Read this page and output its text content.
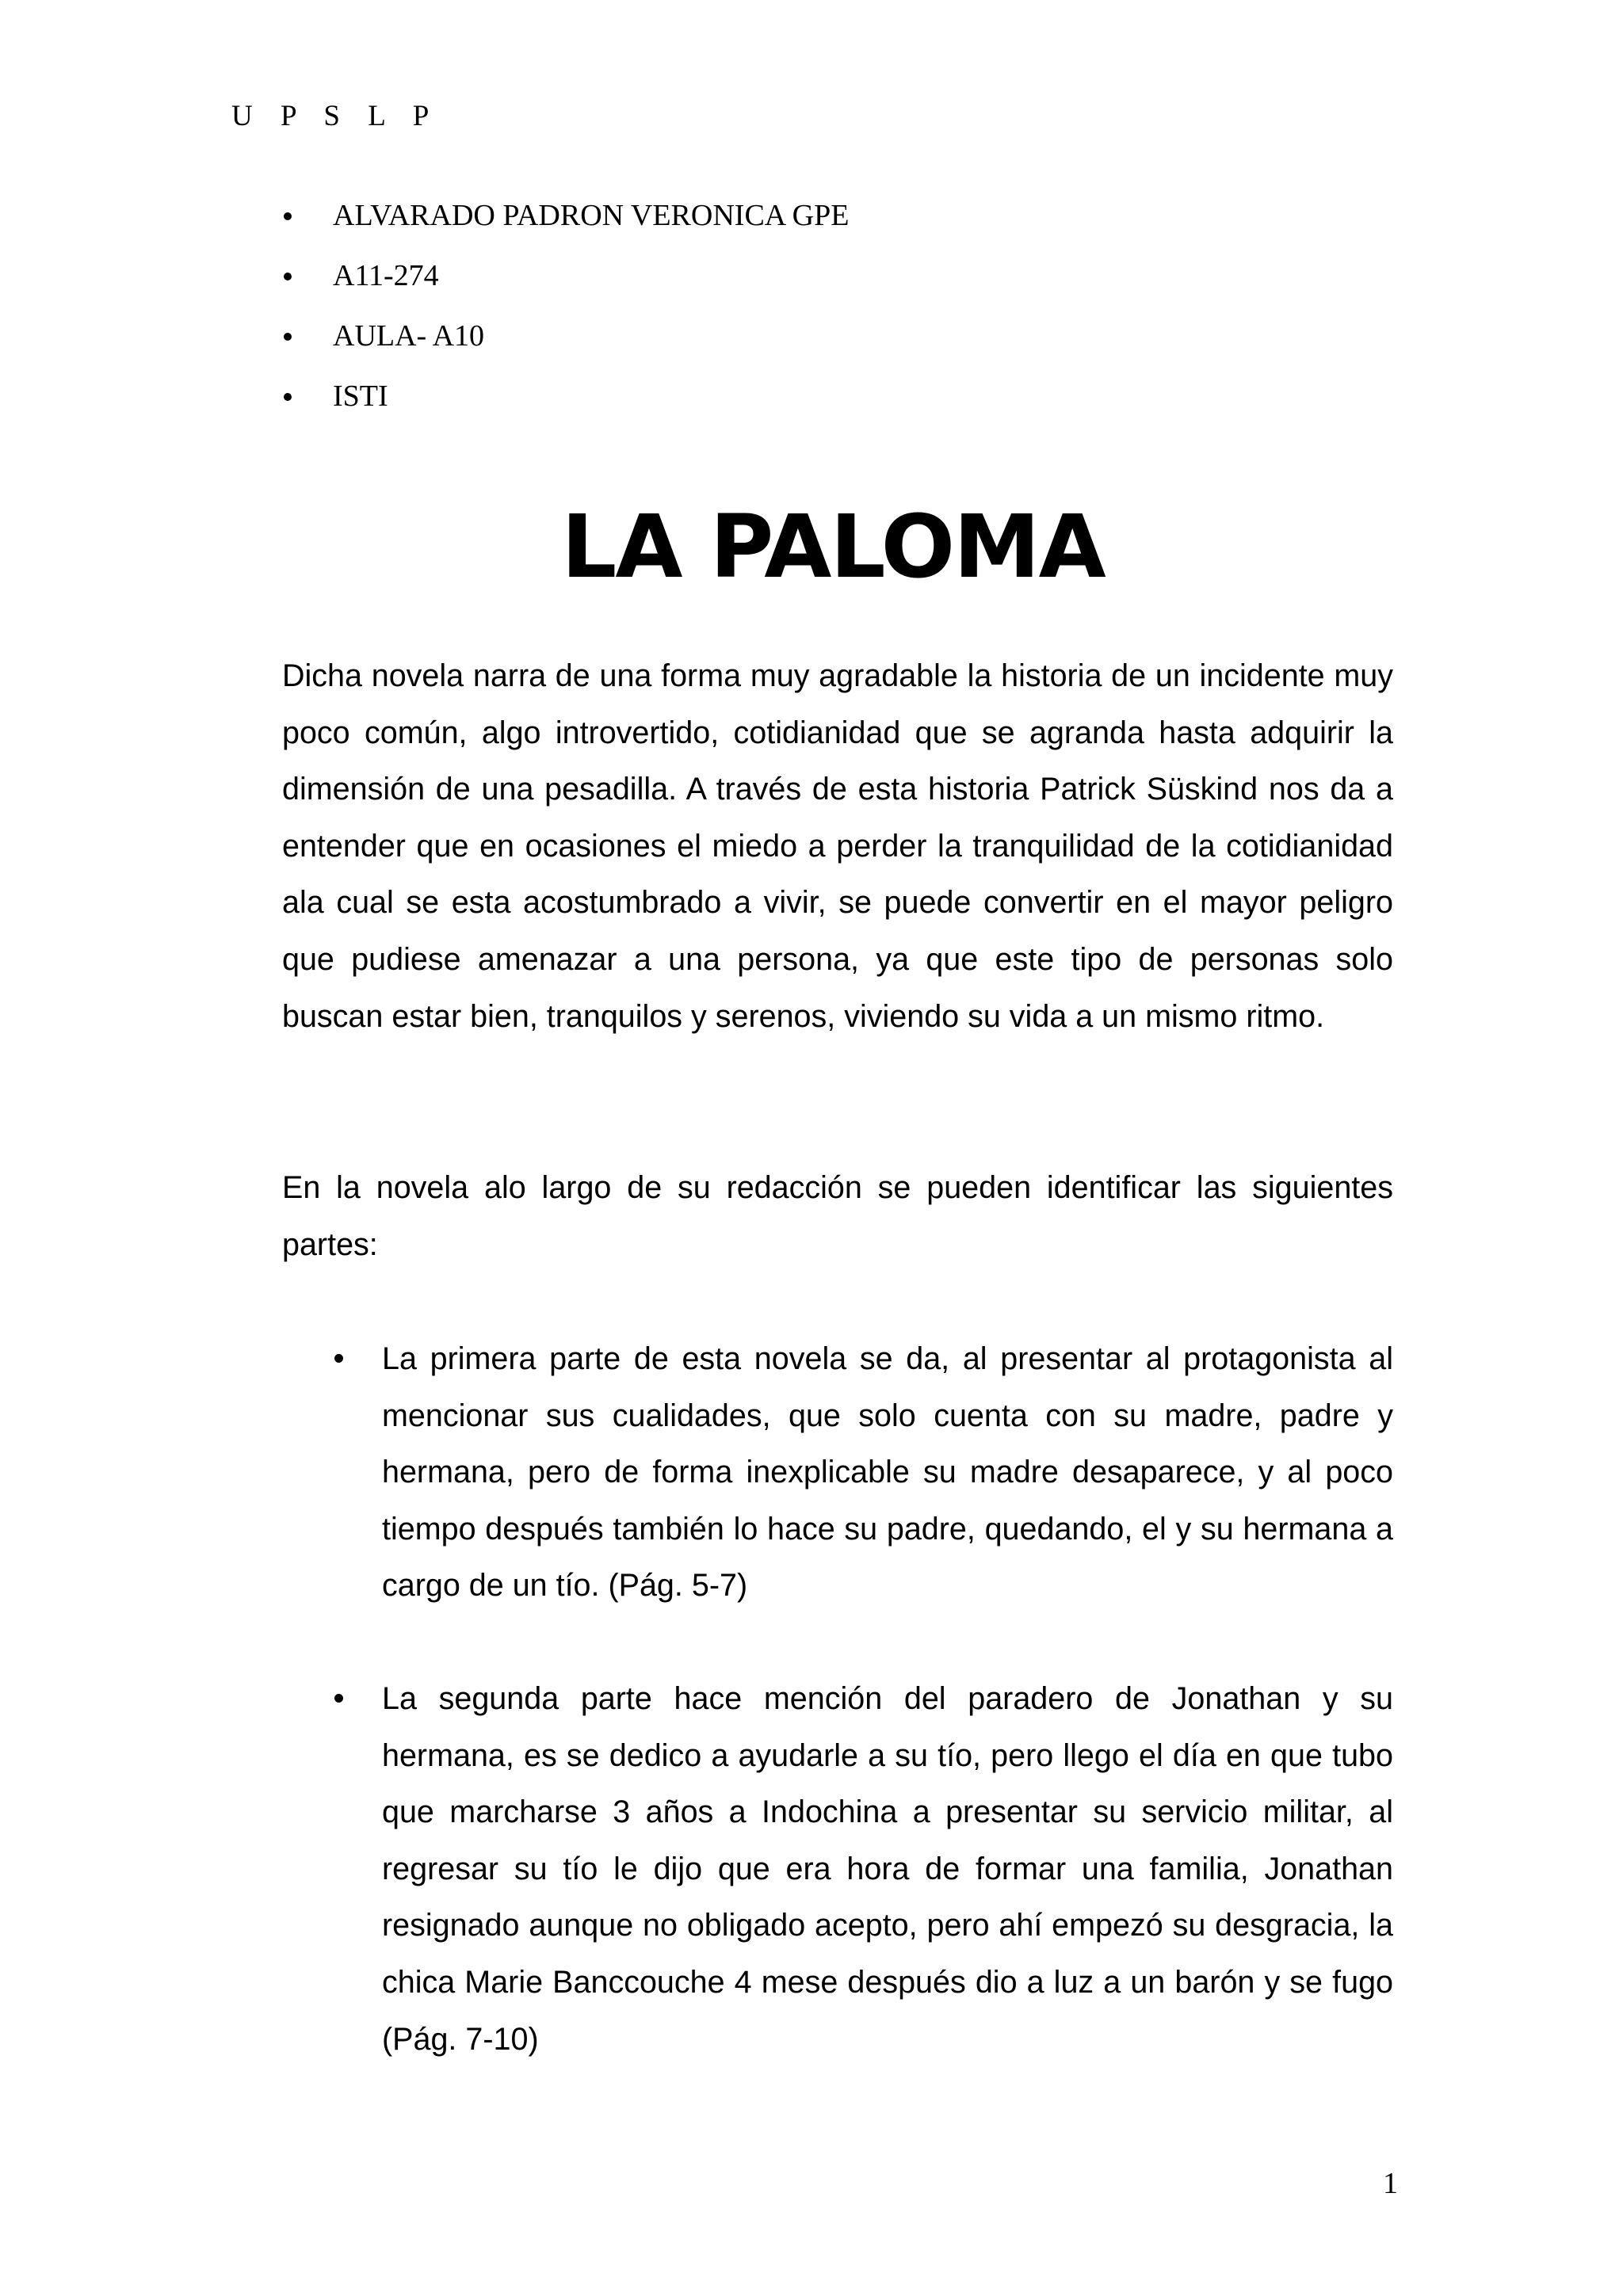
U P S L P
ALVARADO PADRON VERONICA GPE
A11-274
AULA- A10
ISTI
LA PALOMA

Dicha novela narra de una forma muy agradable la historia de un incidente muy poco común, algo introvertido, cotidianidad que se agranda hasta adquirir la dimensión de una pesadilla. A través de esta historia Patrick Süskind nos da a entender que en ocasiones el miedo a perder la tranquilidad de la cotidianidad ala cual se esta acostumbrado a vivir, se puede convertir en el mayor peligro que pudiese amenazar a una persona, ya que este tipo de personas solo buscan estar bien, tranquilos y serenos, viviendo su vida a un mismo ritmo.

En la novela alo largo de su redacción se pueden identificar las siguientes partes:

La primera parte de esta novela se da, al presentar al protagonista al mencionar sus cualidades, que solo cuenta con su madre, padre y hermana, pero de forma inexplicable su madre desaparece, y al poco tiempo después también lo hace su padre, quedando, el y su hermana a cargo de un tío. (Pág. 5-7)
La segunda parte hace mención del paradero de Jonathan y su hermana, es se dedico a ayudarle a su tío, pero llego el día en que tubo que marcharse 3 años a Indochina a presentar su servicio militar, al regresar su tío le dijo que era hora de formar una familia, Jonathan resignado aunque no obligado acepto, pero ahí empezó su desgracia, la chica Marie Banccouche 4 mese después dio a luz a un barón y se fugo (Pág. 7-10)
1
